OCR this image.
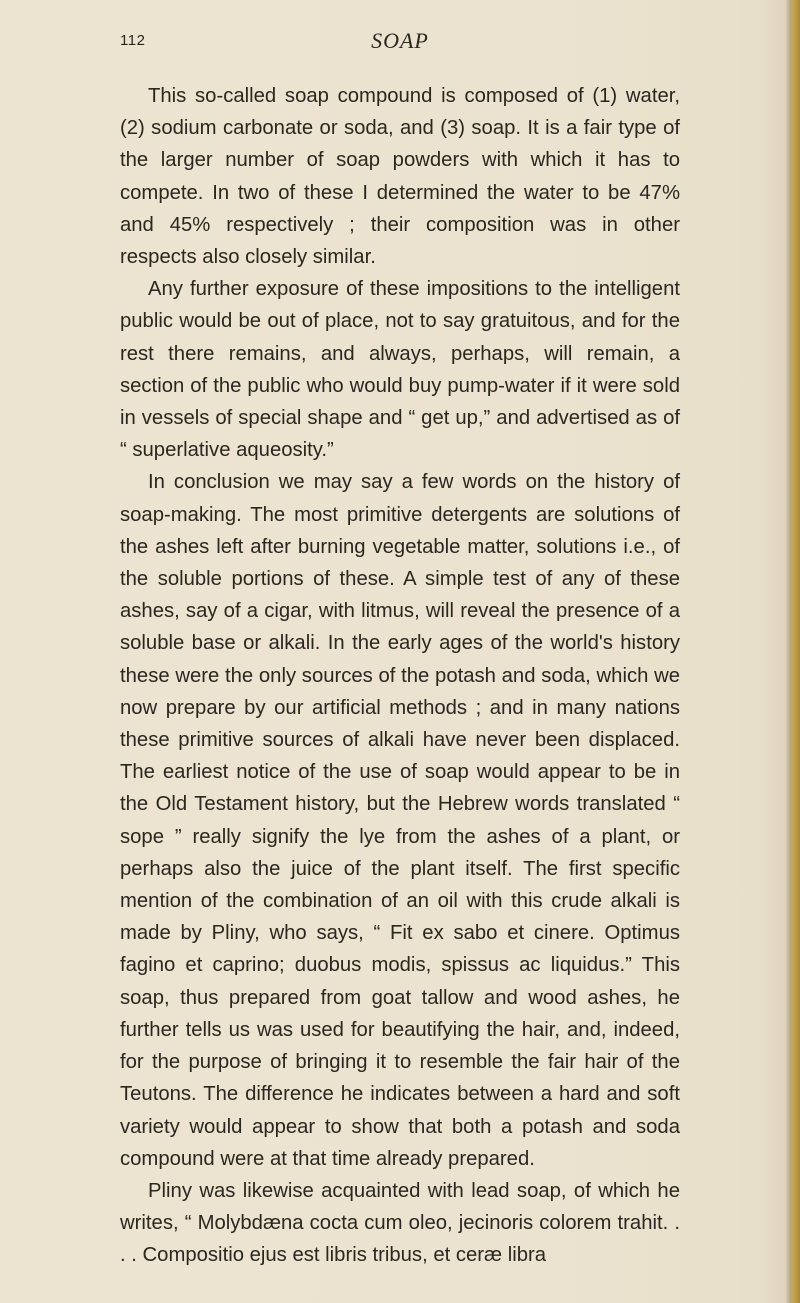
112	SOAP

This so-called soap compound is composed of (1) water, (2) sodium carbonate or soda, and (3) soap. It is a fair type of the larger number of soap powders with which it has to compete. In two of these I determined the water to be 47% and 45% respectively ; their composition was in other respects also closely similar.

Any further exposure of these impositions to the intelligent public would be out of place, not to say gratuitous, and for the rest there remains, and always, perhaps, will remain, a section of the public who would buy pump-water if it were sold in vessels of special shape and “ get up,” and advertised as of “ superlative aqueosity.”

In conclusion we may say a few words on the history of soap-making. The most primitive detergents are solutions of the ashes left after burning vegetable matter, solutions i.e., of the soluble portions of these. A simple test of any of these ashes, say of a cigar, with litmus, will reveal the presence of a soluble base or alkali. In the early ages of the world's history these were the only sources of the potash and soda, which we now prepare by our artificial methods ; and in many nations these primitive sources of alkali have never been displaced. The earliest notice of the use of soap would appear to be in the Old Testament history, but the Hebrew words translated “ sope ” really signify the lye from the ashes of a plant, or perhaps also the juice of the plant itself. The first specific mention of the combination of an oil with this crude alkali is made by Pliny, who says, “ Fit ex sabo et cinere. Optimus fagino et caprino; duobus modis, spissus ac liquidus.” This soap, thus prepared from goat tallow and wood ashes, he further tells us was used for beautifying the hair, and, indeed, for the purpose of bringing it to resemble the fair hair of the Teutons. The difference he indicates between a hard and soft variety would appear to show that both a potash and soda compound were at that time already prepared.

Pliny was likewise acquainted with lead soap, of which he writes, “ Molybdæna cocta cum oleo, jecinoris colorem trahit. . . . Compositio ejus est libris tribus, et ceræ libra
